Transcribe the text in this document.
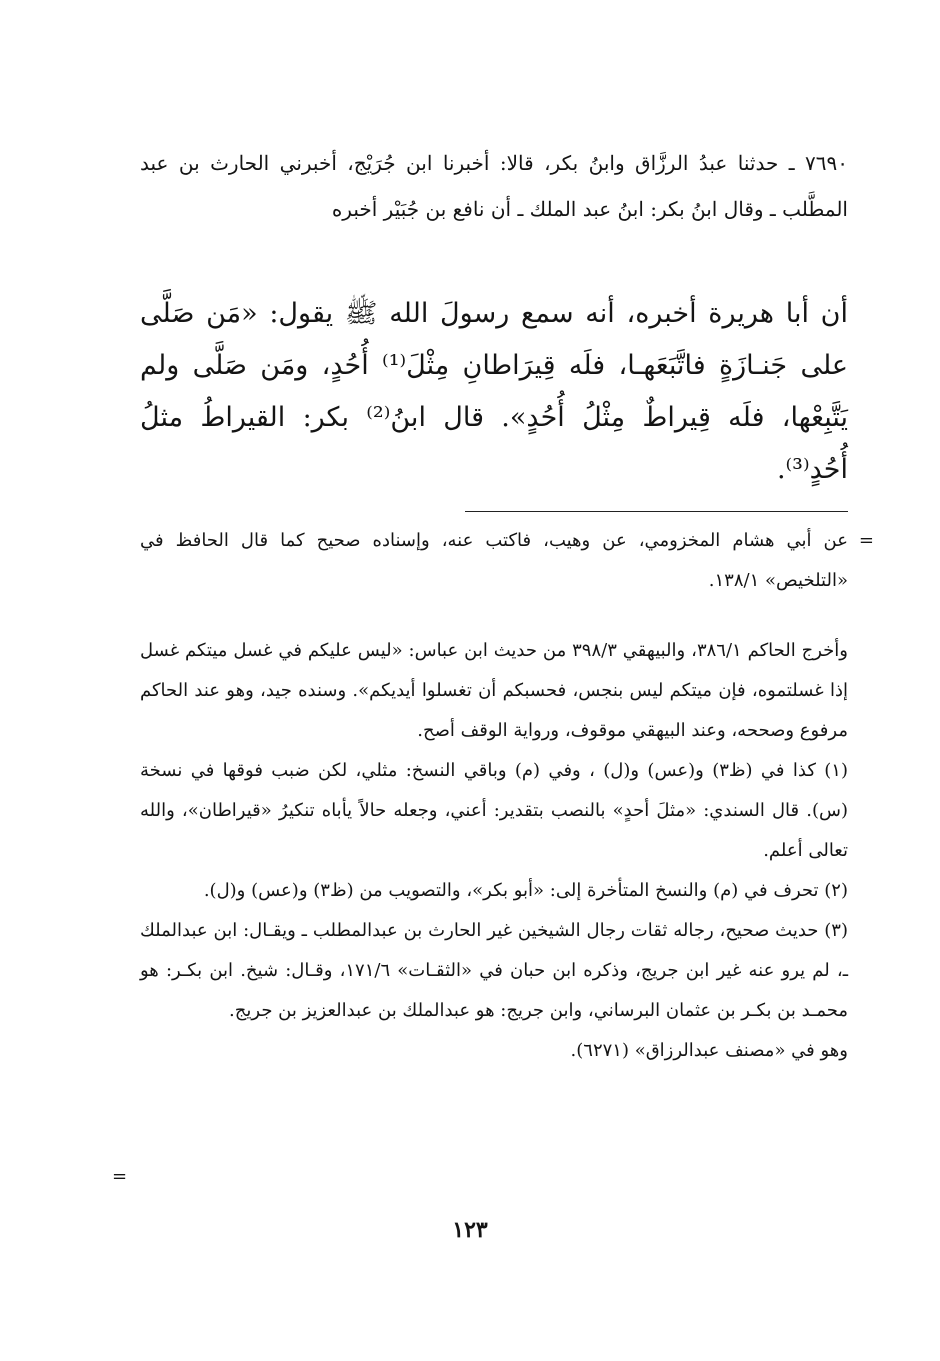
٧٦٩٠ ـ حدثنا عبدُ الرزَّاق وابنُ بكر، قالا: أخبرنا ابن جُرَيْج، أخبرني الحارث بن عبد المطَّلب ـ وقال ابنُ بكر: ابنُ عبد الملك ـ أن نافع بن جُبَيْر أخبره
أن أبا هريرة أخبره، أنه سمع رسولَ الله ﷺ يقول: «مَن صَلَّى على جَنـازَةٍ فاتَّبَعَهـا، فلَه قِيرَاطانِ مِثْلَ⁽¹⁾ أُحُدٍ، ومَن صَلَّى ولم يَتَّبِعْها، فلَه قِيراطٌ مِثْلُ أُحُدٍ». قال ابنُ⁽²⁾ بكر: القيراطُ مثلُ أُحُدٍ⁽³⁾.

=
عن أبي هشام المخزومي، عن وهيب، فاكتب عنه، وإسناده صحيح كما قال الحافظ في «التلخيص» ١٣٨/١.

وأخرج الحاكم ٣٨٦/١، والبيهقي ٣٩٨/٣ من حديث ابن عباس: «ليس عليكم في غسل ميتكم غسل إذا غسلتموه، فإن ميتكم ليس بنجس، فحسبكم أن تغسلوا أيديكم». وسنده جيد، وهو عند الحاكم مرفوع وصححه، وعند البيهقي موقوف، ورواية الوقف أصح.

(١) كذا في (ظ٣) و(عس) و(ل) ، وفي (م) وباقي النسخ: مثلي، لكن ضبب فوقها في نسخة (س). قال السندي: «مثلَ أحدٍ» بالنصب بتقدير: أعني، وجعله حالاً يأباه تنكيرُ «قيراطان»، والله تعالى أعلم.

(٢) تحرف في (م) والنسخ المتأخرة إلى: «أبو بكر»، والتصويب من (ظ٣) و(عس) و(ل).

(٣) حديث صحيح، رجاله ثقات رجال الشيخين غير الحارث بن عبدالمطلب ـ ويقـال: ابن عبدالملك ـ، لم يرو عنه غير ابن جريج، وذكره ابن حبان في «الثقـات» ١٧١/٦، وقـال: شيخ. ابن بكـر: هو محمـد بن بكـر بن عثمان البرساني، وابن جريج: هو عبدالملك بن عبدالعزيز بن جريج.

وهو في «مصنف عبدالرزاق» (٦٢٧١).

=
١٢٣
